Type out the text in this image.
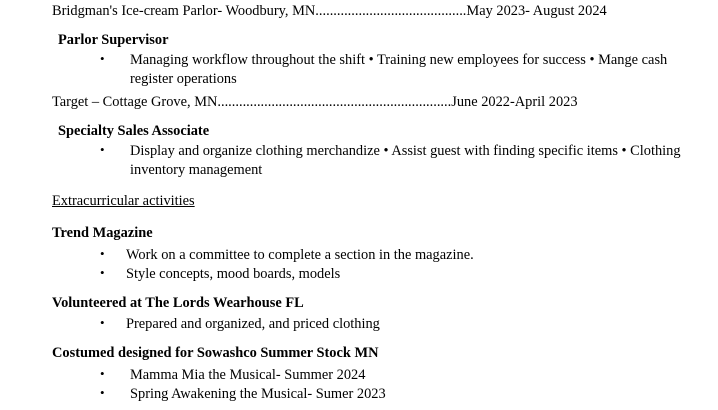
Bridgman's Ice-cream Parlor- Woodbury, MN..........................................May 2023- August 2024
Parlor Supervisor
• Managing workflow throughout the shift • Training new employees for success • Mange cash register operations
Target – Cottage Grove, MN.................................................................June 2022-April 2023
Specialty Sales Associate
• Display and organize clothing merchandize • Assist guest with finding specific items • Clothing inventory management
Extracurricular activities
Trend Magazine
• Work on a committee to complete a section in the magazine.
• Style concepts, mood boards, models
Volunteered at The Lords Wearhouse FL
• Prepared and organized, and priced clothing
Costumed designed for Sowashco Summer Stock MN
• Mamma Mia the Musical- Summer 2024
• Spring Awakening the Musical- Sumer 2023
